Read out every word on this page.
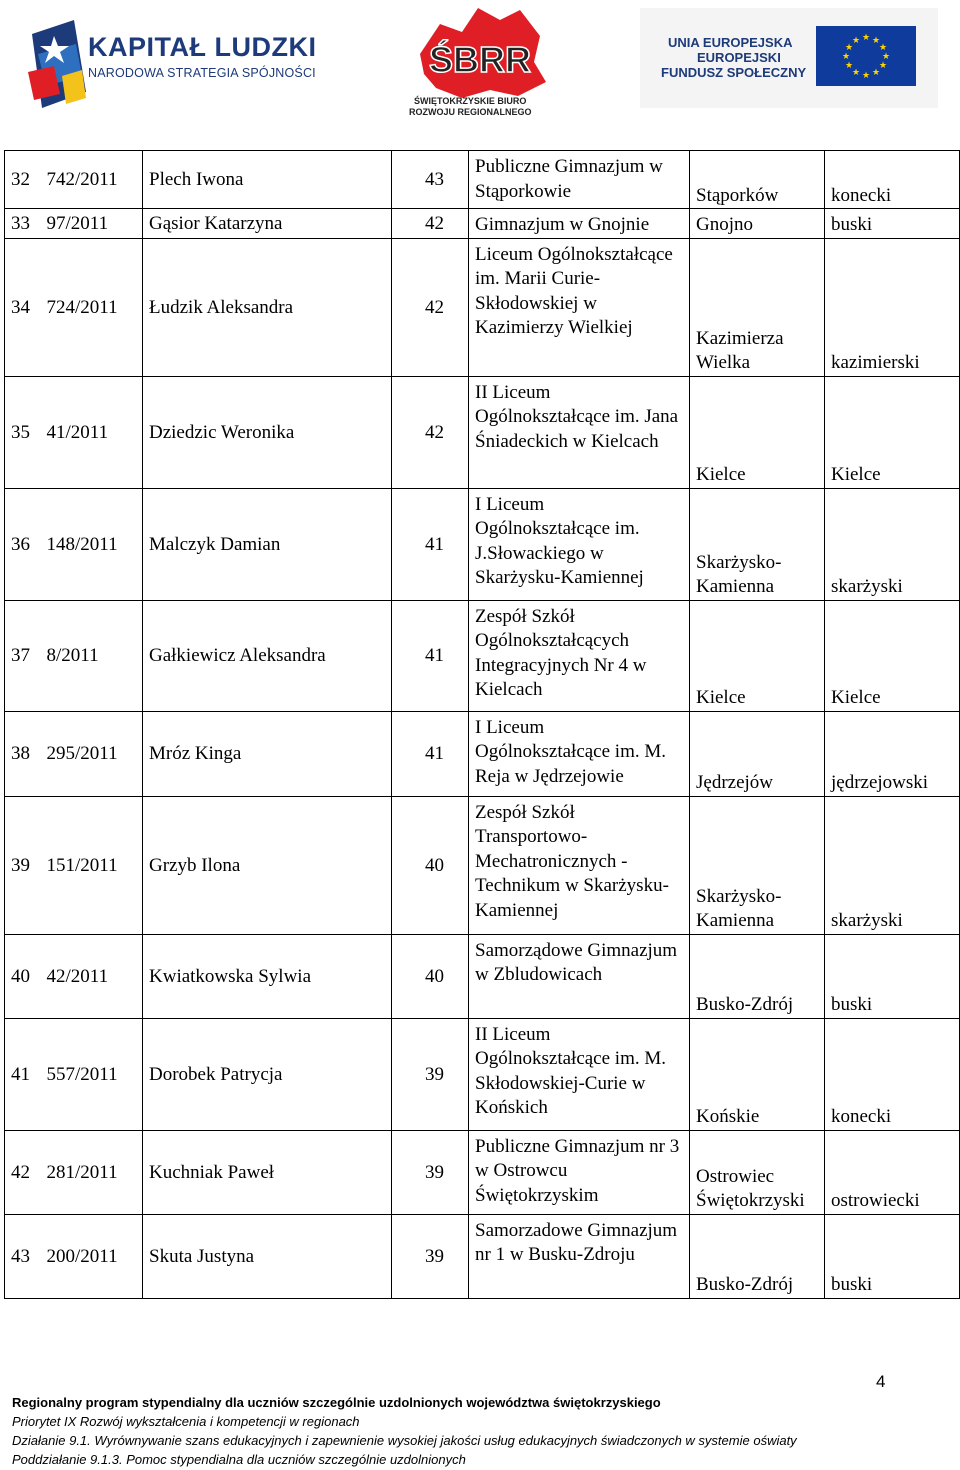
KAPITAŁ LUDZKI
NARODOWA STRATEGIA SPÓJNOŚCI	ŚBRR
ŚWIĘTOKRZYSKIE BIURO
ROZWOJU REGIONALNEGO
UNIA EUROPEJSKA
EUROPEJSKI
FUNDUSZ SPOŁECZNY
★ ★
★
★
★
★
★
★
★
★
★
★
32	742/2011	Plech Iwona	43	Publiczne Gimnazjum w Stąporkowie	Stąporków	konecki
33	97/2011	Gąsior Katarzyna	42	Gimnazjum w Gnojnie	Gnojno	buski
34	724/2011	Łudzik Aleksandra	42	Liceum Ogólnokształcące im. Marii Curie-Skłodowskiej w Kazimierzy Wielkiej	Kazimierza Wielka	kazimierski
35	41/2011	Dziedzic Weronika	42	II Liceum Ogólnokształcące im. Jana Śniadeckich w Kielcach	Kielce	Kielce
36	148/2011	Malczyk Damian	41	I Liceum Ogólnokształcące im. J.Słowackiego w Skarżysku-Kamiennej	Skarżysko-Kamienna	skarżyski
37	8/2011	Gałkiewicz Aleksandra	41	Zespół Szkół Ogólnokształcących Integracyjnych Nr 4 w Kielcach	Kielce	Kielce
38	295/2011	Mróz Kinga	41	I Liceum Ogólnokształcące im. M. Reja w Jędrzejowie	Jędrzejów	jędrzejowski
39	151/2011	Grzyb Ilona	40	Zespół Szkół Transportowo-Mechatronicznych - Technikum w Skarżysku-Kamiennej	Skarżysko-Kamienna	skarżyski
40	42/2011	Kwiatkowska Sylwia	40	Samorządowe Gimnazjum w Zbludowicach	Busko-Zdrój	buski
41	557/2011	Dorobek Patrycja	39	II Liceum Ogólnokształcące im. M. Skłodowskiej-Curie w Końskich	Końskie	konecki
42	281/2011	Kuchniak Paweł	39	Publiczne Gimnazjum nr 3 w Ostrowcu Świętokrzyskim	Ostrowiec Świętokrzyski	ostrowiecki
43	200/2011	Skuta Justyna	39	Samorzadowe Gimnazjum nr 1 w Busku-Zdroju	Busko-Zdrój	buski
4
Regionalny program stypendialny dla uczniów szczególnie uzdolnionych województwa świętokrzyskiego
Priorytet IX Rozwój wykształcenia i kompetencji w regionach
Działanie 9.1. Wyrównywanie szans edukacyjnych i zapewnienie wysokiej jakości usług edukacyjnych świadczonych w systemie oświaty
Poddziałanie 9.1.3. Pomoc stypendialna dla uczniów szczególnie uzdolnionych
